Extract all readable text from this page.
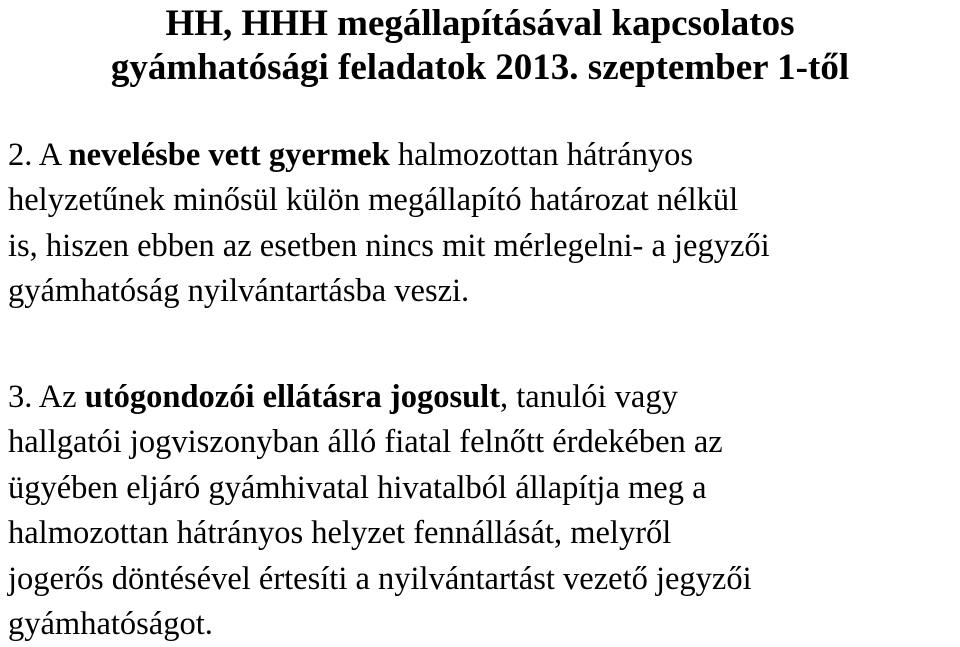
HH, HHH megállapításával kapcsolatos
gyámhatósági feladatok 2013. szeptember 1-től

2. A nevelésbe vett gyermek halmozottan hátrányos
helyzetűnek minősül külön megállapító határozat nélkül
is, hiszen ebben az esetben nincs mit mérlegelni- a jegyzői
gyámhatóság nyilvántartásba veszi.

3. Az utógondozói ellátásra jogosult, tanulói vagy
hallgatói jogviszonyban álló fiatal felnőtt érdekében az
ügyében eljáró gyámhivatal hivatalból állapítja meg a
halmozottan hátrányos helyzet fennállását, melyről
jogerős döntésével értesíti a nyilvántartást vezető jegyzői
gyámhatóságot.
